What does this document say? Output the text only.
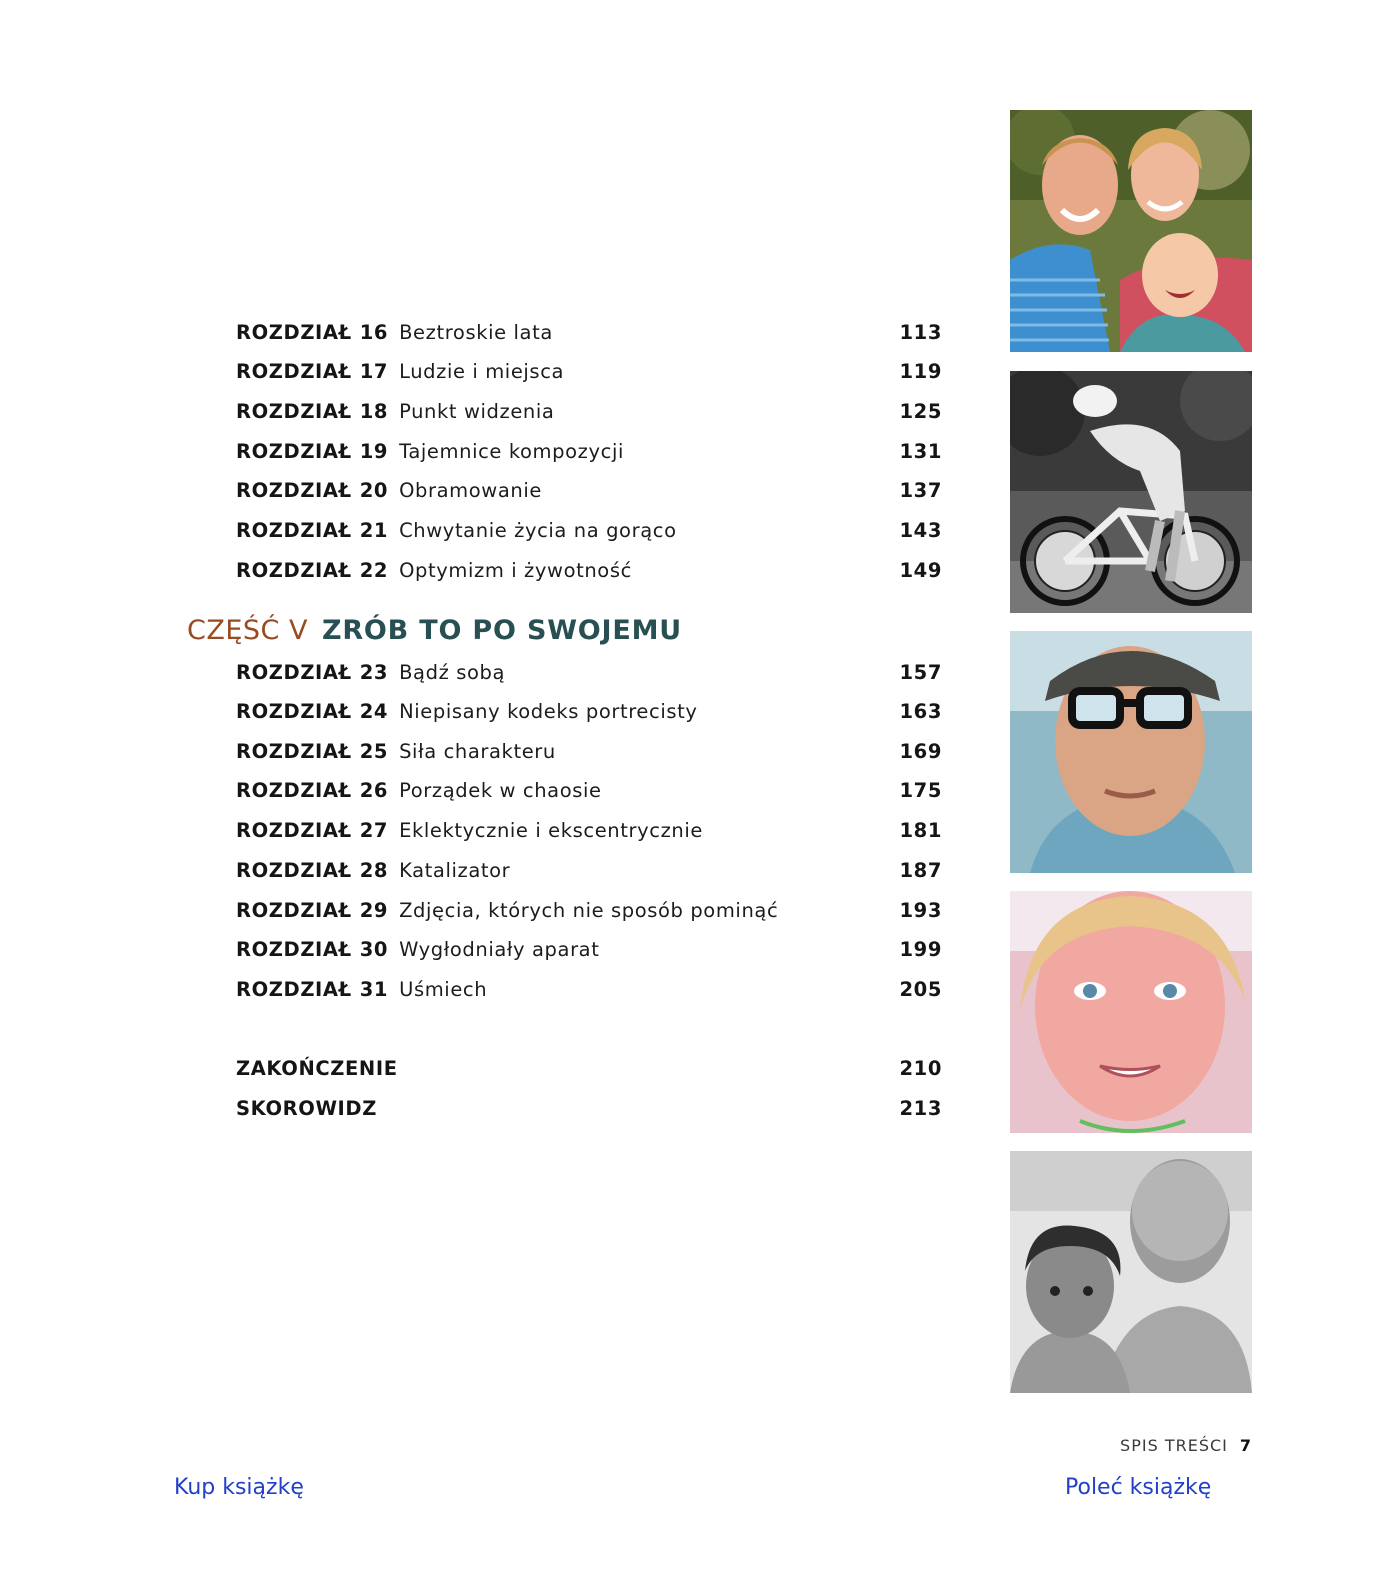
ROZDZIAŁ 16 Beztroskie lata	113
ROZDZIAŁ 17 Ludzie i miejsca	119
ROZDZIAŁ 18 Punkt widzenia	125
ROZDZIAŁ 19 Tajemnice kompozycji	131
ROZDZIAŁ 20 Obramowanie	137
ROZDZIAŁ 21 Chwytanie życia na gorąco	143
ROZDZIAŁ 22 Optymizm i żywotność	149
CZĘŚĆ V ZRÓB TO PO SWOJEMU
ROZDZIAŁ 23 Bądź sobą	157
ROZDZIAŁ 24 Niepisany kodeks portrecisty	163
ROZDZIAŁ 25 Siła charakteru	169
ROZDZIAŁ 26 Porządek w chaosie	175
ROZDZIAŁ 27 Eklektycznie i ekscentrycznie	181
ROZDZIAŁ 28 Katalizator	187
ROZDZIAŁ 29 Zdjęcia, których nie sposób pominąć	193
ROZDZIAŁ 30 Wygłodniały aparat	199
ROZDZIAŁ 31 Uśmiech	205
ZAKOŃCZENIE	210
SKOROWIDZ	213
SPIS TREŚCI 7
Kup książkę	Poleć książkę
